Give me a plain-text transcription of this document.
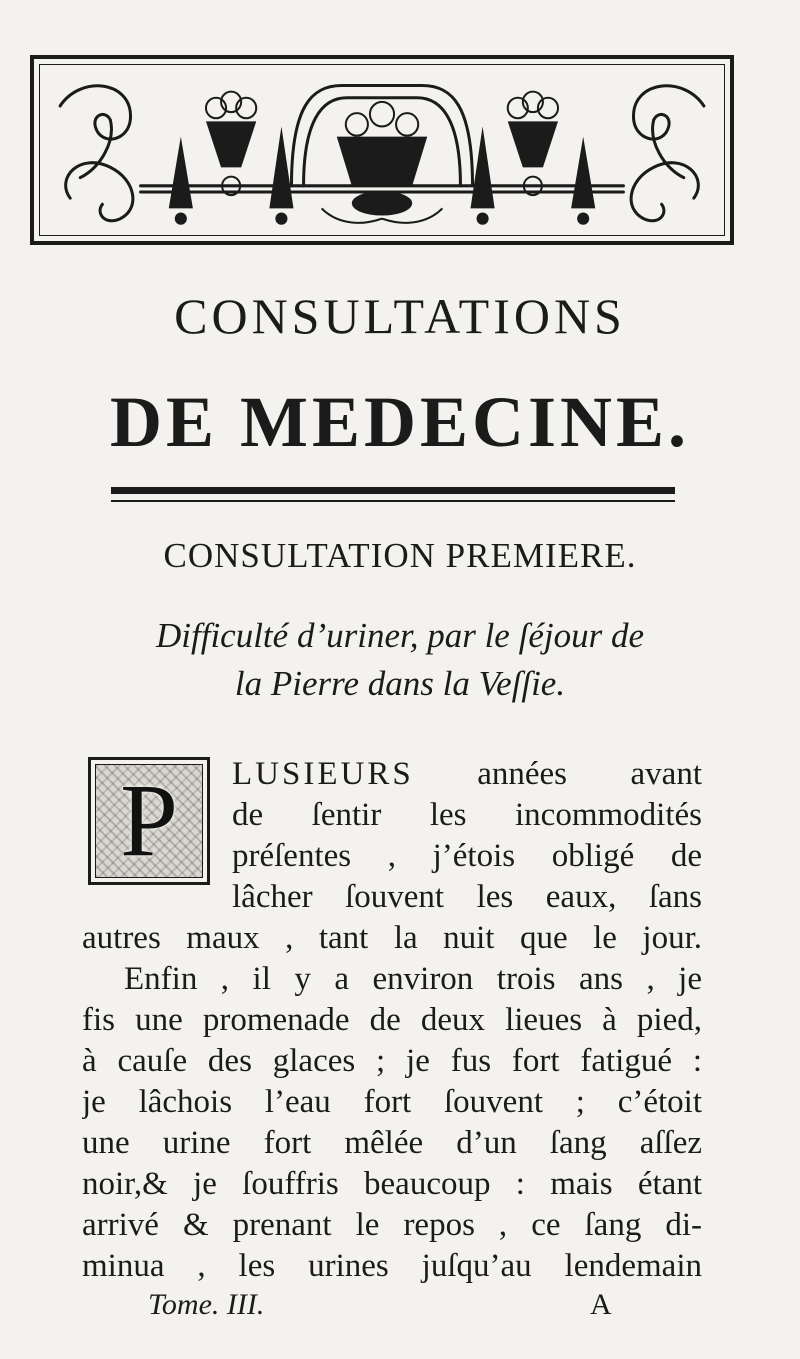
CONSULTATIONS
DE MEDECINE.
CONSULTATION PREMIERE.

Difficulté d’uriner, par le ſéjour de
la Pierre dans la Veſſie.

P	LUSIEURS années avant
de ſentir les incommodités
préſentes , j’étois obligé de
lâcher ſouvent les eaux, ſans
autres maux , tant la nuit que le jour.
Enfin , il y a environ trois ans , je
fis une promenade de deux lieues à pied,
à cauſe des glaces ; je fus fort fatigué :
je lâchois l’eau fort ſouvent ; c’étoit
une urine fort mêlée d’un ſang aſſez
noir,& je ſouffris beaucoup : mais étant
arrivé & prenant le repos , ce ſang di-
minua , les urines juſqu’au lendemain

Tome. III.	A
